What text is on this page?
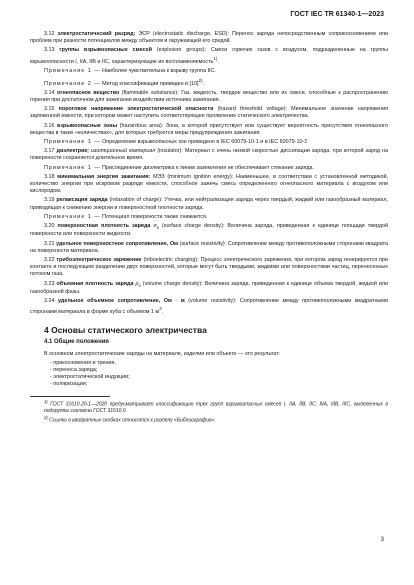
ГОСТ IEC TR 61340-1—2023

3.12 электростатический разряд: ЭСР (electrostatic discharge, ESD): Перенос заряда непосредственным соприкосновением или пробоем при разности потенциалов между объектом и окружающей его средой.

3.13 группы взрывоопасных смесей (explosion groups): Смеси горючих газов с воздухом, подразделенные на группы взрывоопасности I, IIA, IIB и IIC, характеризующие их воспламеняемость$^{1)}$.

Примечание 1 — Наиболее чувствительна к взрыву группа IIC.

Примечание 2 — Метод классификации приведен в $[10]^{2)}$.

3.14 огнеопасное вещество (flammable substance): Газ, жидкость, твердое вещество или их смеси, способные к распространению горения при достаточном для зажигания воздействии источника зажигания.

3.15 пороговое напряжение электростатической опасности (hazard threshold voltage): Минимальное значение напряжения заряженной емкости, при котором может наступить соответствующее проявление статического электричества.

3.16 взрывоопасные зоны (hazardous area): Зона, в которой присутствует или существует вероятность присутствия огнеопасного вещества в таких «количествах», для которых требуются меры предупреждения зажигания.

Примечание 1 — Определение взрывоопасных зон приведено в IEC 60079-10-1 и в IEC 60079-10-2

3.17 диэлектрик; изоляционный материал (insulator): Материал с очень низкой скоростью диссипации заряда, при которой заряд на поверхности сохраняется длительное время.

Примечание 1 — Присоединение диэлектрика к линии заземления не обеспечивает стекание заряда.

3.18 минимальная энергия зажигания: МЭЗ (minimum ignition energy): Наименьшее, в соответствии с установленной методикой, количество энергии при искровом разряде емкости, способное зажечь смесь определенного огнеопасного материала с воздухом или кислородом.

3.19 релаксация заряда (relaxation of charge): Утечка, или нейтрализация заряда через твердый, жидкий или газообразный материал, приводящая к снижению энергии и поверхностной плотности заряда.

Примечание 1 — Потенциал поверхности также снижается.

3.20 поверхностная плотность заряда $\sigma_s$ (surface charge density): Величина заряда, приведенная к единице площади твердой поверхности или поверхности жидкости.

3.21 удельное поверхностное сопротивление, Ом (surface resistivity): Сопротивление между противоположными сторонами квадрата на поверхности материала.

3.22 трибоэлектрическое заряжение (triboelectric charging): Процесс электрического заряжения, при котором заряд генерируется при контакте и последующем разделении двух поверхностей, которые могут быть твердыми, жидкими или поверхностями частиц, перенесенных потоком газа.

3.23 объемная плотность заряда $\rho_v$ (volume charge density): Величина заряда, приведенная к единице объема твердой, жидкой или газообразной фазы.

3.24 удельное объемное сопротивление, Ом · м (volume resistivity): Сопротивление между противоположными квадратными сторонами материала в форме куба с объемом 1 $м^3$.

4 Основы статического электричества
4.1 Общие положения

В основном электростатические заряды на материале, изделии или объекте — это результат:

- прикосновения и трения,

- переноса заряда;

- электростатической индукции;

- поляризации;

$^{1)}$ ГОСТ 31610.20-1—2020 предусматривает классификацию трех групп взрывоопасных смесей I, IIA, IIB, IIC, IIIA, IIIB, IIIC, выделенных в подгруппы согласно ГОСТ 31610.0.

$^{2)}$ Ссылки в квадратных скобках относятся к разделу «Библиография».

3
